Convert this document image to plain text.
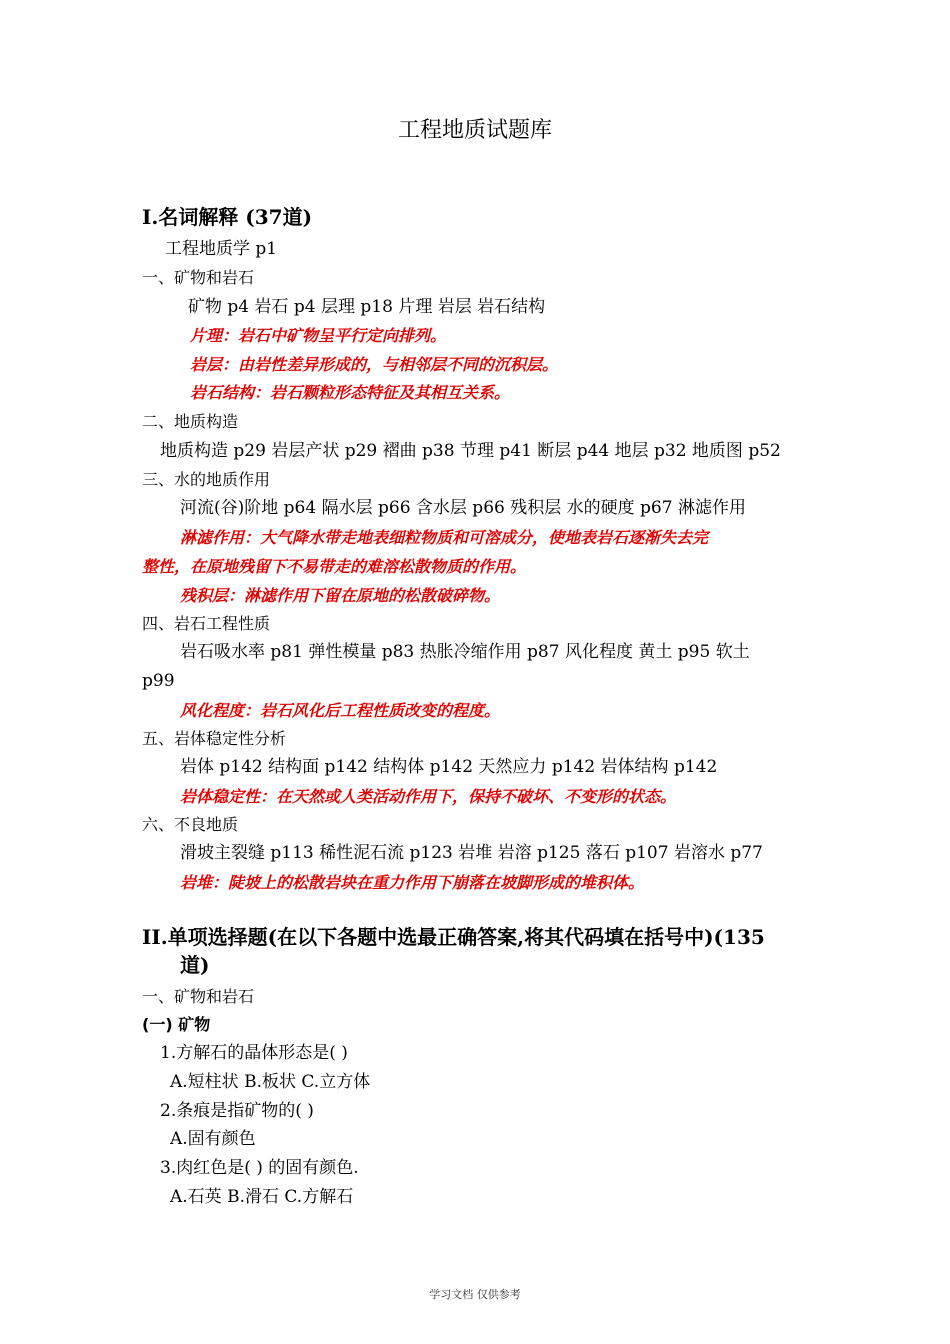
工程地质试题库
I.名词解释 (37道)
工程地质学 p1
一、矿物和岩石
矿物 p4 岩石 p4 层理 p18 片理 岩层 岩石结构
片理：岩石中矿物呈平行定向排列。
岩层：由岩性差异形成的，与相邻层不同的沉积层。
岩石结构：岩石颗粒形态特征及其相互关系。
二、地质构造
地质构造 p29 岩层产状 p29 褶曲 p38 节理 p41 断层 p44 地层 p32 地质图 p52
三、水的地质作用
河流(谷)阶地 p64 隔水层 p66 含水层 p66 残积层 水的硬度 p67 淋滤作用
淋滤作用：大气降水带走地表细粒物质和可溶成分，使地表岩石逐渐失去完
整性，在原地残留下不易带走的难溶松散物质的作用。
残积层：淋滤作用下留在原地的松散破碎物。
四、岩石工程性质
岩石吸水率 p81 弹性模量 p83 热胀冷缩作用 p87 风化程度 黄土 p95 软土
p99
风化程度：岩石风化后工程性质改变的程度。
五、岩体稳定性分析
岩体 p142 结构面 p142 结构体 p142 天然应力 p142 岩体结构 p142
岩体稳定性：在天然或人类活动作用下，保持不破坏、不变形的状态。
六、不良地质
滑坡主裂缝 p113 稀性泥石流 p123 岩堆 岩溶 p125 落石 p107 岩溶水 p77
岩堆：陡坡上的松散岩块在重力作用下崩落在坡脚形成的堆积体。
II.单项选择题(在以下各题中选最正确答案,将其代码填在括号中)(135
道)
一、矿物和岩石
(一) 矿物
1.方解石的晶体形态是( )
A.短柱状 B.板状 C.立方体
2.条痕是指矿物的( )
A.固有颜色
3.肉红色是( ) 的固有颜色.
A.石英 B.滑石 C.方解石
学习文档 仅供参考
